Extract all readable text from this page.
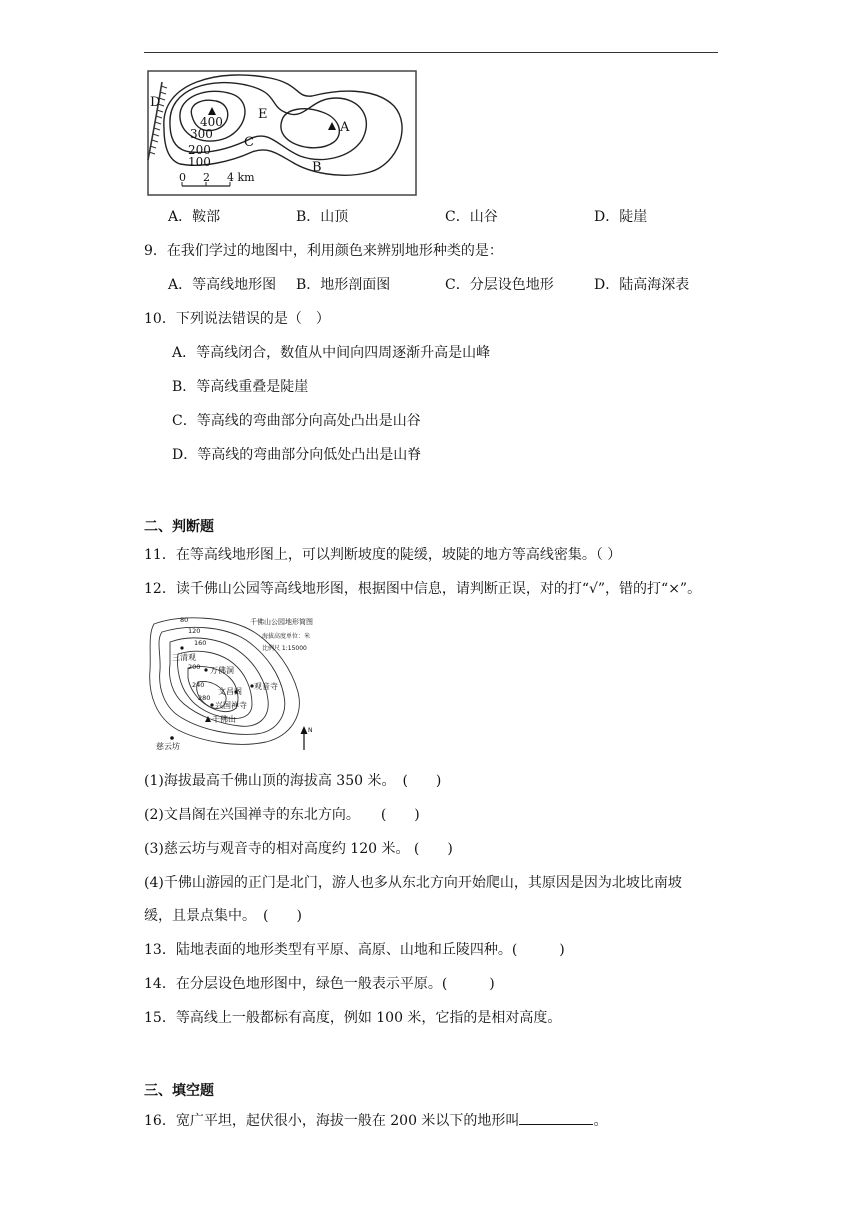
400
300
200
100
A
B
C
D
E
0 2 4 km
A．鞍部	B．山顶	C．山谷	D．陡崖
9．在我们学过的地图中，利用颜色来辨别地形种类的是：
A．等高线地形图 B．地形剖面图	C．分层设色地形	D．陆高海深表
10．下列说法错误的是（　）
A．等高线闭合，数值从中间向四周逐渐升高是山峰
B．等高线重叠是陡崖
C．等高线的弯曲部分向高处凸出是山谷
D．等高线的弯曲部分向低处凸出是山脊
二、判断题
11．在等高线地形图上，可以判断坡度的陡缓，坡陡的地方等高线密集。（ ）
12．读千佛山公园等高线地形图，根据图中信息，请判断正误，对的打“√”，错的打“×”。
80
120
160
200
240
280
三清观
万佛洞
观音寺
文昌阁
兴国禅寺
千佛山
慈云坊
千佛山公园地形简图
海拔高度单位：米
比例尺 1:15000
N
(1)海拔最高千佛山顶的海拔高 350 米。　(　　)
(2)文昌阁在兴国禅寺的东北方向。　　(　　)
(3)慈云坊与观音寺的相对高度约 120 米。 (　　)
(4)千佛山游园的正门是北门，游人也多从东北方向开始爬山，其原因是因为北坡比南坡
缓，且景点集中。　(　　)
13．陆地表面的地形类型有平原、高原、山地和丘陵四种。(　　　)
14．在分层设色地形图中，绿色一般表示平原。(　　　)
15．等高线上一般都标有高度，例如 100 米，它指的是相对高度。
三、填空题
16．宽广平坦，起伏很小，海拔一般在 200 米以下的地形叫	。
